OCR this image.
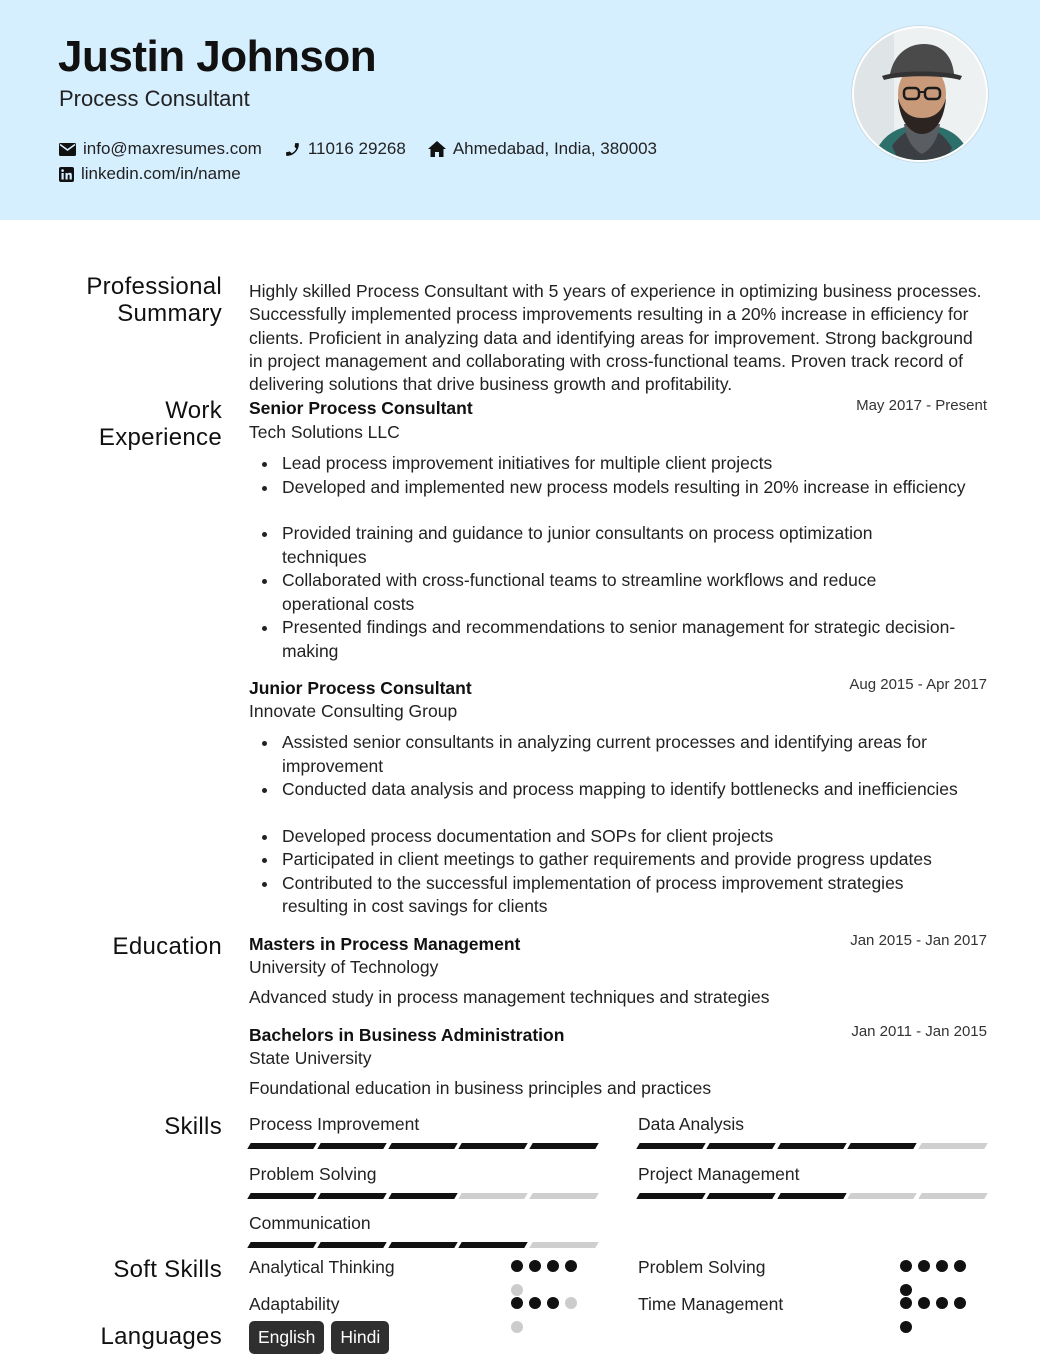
Justin Johnson
Process Consultant
info@maxresumes.com	11016 29268	Ahmedabad, India, 380003
linkedin.com/in/name
Professional Summary
Work Experience
Education
Skills
Soft Skills
Languages
Highly skilled Process Consultant with 5 years of experience in optimizing business processes. Successfully implemented process improvements resulting in a 20% increase in efficiency for clients. Proficient in analyzing data and identifying areas for improvement. Strong background in project management and collaborating with cross-functional teams. Proven track record of delivering solutions that drive business growth and profitability.
Senior Process Consultant	May 2017 - Present
Tech Solutions LLC
Lead process improvement initiatives for multiple client projects
Developed and implemented new process models resulting in 20% increase in efficiency
Provided training and guidance to junior consultants on process optimization techniques
Collaborated with cross-functional teams to streamline workflows and reduce operational costs
Presented findings and recommendations to senior management for strategic decision-making
Junior Process Consultant	Aug 2015 - Apr 2017
Innovate Consulting Group
Assisted senior consultants in analyzing current processes and identifying areas for improvement
Conducted data analysis and process mapping to identify bottlenecks and inefficiencies
Developed process documentation and SOPs for client projects
Participated in client meetings to gather requirements and provide progress updates
Contributed to the successful implementation of process improvement strategies resulting in cost savings for clients
Masters in Process Management	Jan 2015 - Jan 2017
University of Technology
Advanced study in process management techniques and strategies
Bachelors in Business Administration	Jan 2011 - Jan 2015
State University
Foundational education in business principles and practices
Process Improvement	Data Analysis
Problem Solving	Project Management
Communication
Analytical Thinking	Problem Solving
Adaptability	Time Management
English	Hindi
